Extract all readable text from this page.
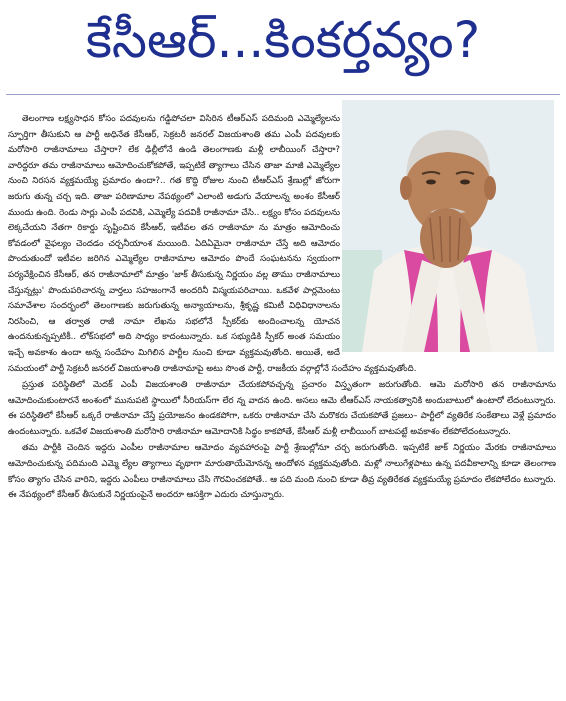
కేసీఆర్...కింకర్తవ్యం?

తెలంగాణ లక్ష్యసాధన కోసం పదవులను గడ్డిపోచలా విసిరిన టీఆర్ఎస్ పదిమంది ఎమ్మెల్యేలను స్ఫూర్తిగా తీసుకుని ఆ పార్టీ అధినేత కేసీఆర్, సెక్రటరీ జనరల్ విజయశాంతి తమ ఎంపీ పదవులకు మరోసారి రాజీనామాలు చేస్తారా? లేక ఢిల్లీలోనే ఉండి తెలంగాణకు మళ్లీ లాబీయింగ్ చేస్తారా? వారిద్దరూ తమ రాజీనామాలు ఆమోదించుకోకపోతే, ఇప్పటికే త్యాగాలు చేసిన తాజా మాజీ ఎమ్మెల్యేల నుంచి నిరసన వ్యక్తమయ్యే ప్రమాదం ఉందా?.. గత కొద్ది రోజుల నుంచి టీఆర్ఎస్ శ్రేణుల్లో జోరుగా జరుగు తున్న చర్చ ఇది. తాజా పరిణామాల నేపథ్యంలో ఎలాంటి అడుగు వేయాలన్న అంశం కేసీఆర్ ముందు ఉంది. రెండు సార్లు ఎంపీ పదవికి, ఎమ్మెల్యే పదవికీ రాజీనామా చేసి.. లక్ష్యం కోసం పదవులను లెక్కచేయని నేతగా రికార్డు సృష్టించిన కేసీఆర్, ఇటీవల తన రాజీనామా ను మాత్రం ఆమోదించు కోవడంలో వైఫల్యం చెందడం చర్చనీయాంశ మయింది. ఏదిఏమైనా రాజీనామా చేస్తే అది ఆమోదం పొందుతుందో ఇటీవల జరిగిన ఎమ్మెల్యేల రాజీనామాల ఆమోదం పొందే సంఘటనను స్వయంగా పర్యవేక్షించిన కేసీఆర్, తన రాజీనామాలో మాత్రం 'జాక్ తీసుకున్న నిర్ణయం వల్ల తాము రాజీనామాలు చేస్తున్నట్లు' పొందుపరిచారన్న వార్తలు సహజంగానే అందరినీ విస్మయపరిచాయి. ఒకవేళ పార్లమెంటు సమావేశాల సందర్భంలో తెలంగాణకు జరుగుతున్న అన్యాయాలను, శ్రీకృష్ణ కమిటీ విధివిధానాలను నిరసించి, ఆ తర్వాత రాజీ నామా లేఖను సభలోనే స్పీకర్‌కు అందించాలన్న యోచన ఉందనుకున్నప్పటికీ.. లోక్‌సభలో అది సాధ్యం కాదంటున్నారు. ఒక సభ్యుడికి స్పీకర్ అంత సమయం ఇచ్చే అవకాశం ఉందా అన్న సందేహం మిగిలిన పార్టీల నుంచి కూడా వ్యక్తమవుతోంది. అయితే, అదే సమయంలో పార్టీ సెక్రటరీ జనరల్ విజయశాంతి రాజీనామాపై అటు సొంత పార్టీ, రాజకీయ వర్గాల్లోనే సందేహం వ్యక్తమవుతోంది.

ప్రస్తుత పరిస్థితిలో మెదక్ ఎంపీ విజయశాంతి రాజీనామా చేయకపోవచ్చన్న ప్రచారం విస్తృతంగా జరుగుతోంది. ఆమె మరోసారి తన రాజీనామాను ఆమోదించుకుంటారనే అంశంలో మునుపటి స్థాయిలో సీరియస్‌గా లేర న్న వాదన ఉంది. అసలు ఆమె టీఆర్ఎస్ నాయకత్వానికి అందుబాటులో ఉంటారో లేదంటున్నారు. ఈ పరిస్థితిలో కేసీఆర్ ఒక్కరే రాజీనామా చేస్తే ప్రయోజనం ఉండకపోగా, ఒకరు రాజీనామా చేసి మరొకరు చేయకపోతే ప్రజలు– పార్టీలో వ్యతిరేక సంకేతాలు వెళ్లే ప్రమాదం ఉందంటున్నారు. ఒకవేళ విజయశాంతి మరోసారి రాజీనామా ఆమోదానికి సిద్ధం కాకపోతే, కేసీఆర్ మళ్లీ లాబీయింగ్ బాటపట్టే అవకాశం లేకపోలేదంటున్నారు.

తమ పార్టీకి చెందిన ఇద్దరు ఎంపీల రాజీనామాల ఆమోదం వ్యవహారంపై పార్టీ శ్రేణుల్లోనూ చర్చ జరుగుతోంది. ఇప్పటికే జాక్ నిర్ణయం మేరకు రాజీనామాలు ఆమోదించుకున్న పదిమంది ఎమ్మె ల్యేల త్యాగాలు వృథాగా మారుతాయేమోనన్న ఆందోళన వ్యక్తమవుతోంది. మళ్లో నాలుగేళ్లపాటు ఉన్న పదవీకాలాన్ని కూడా తెలంగాణ కోసం త్యాగం చేసిన వారిని, ఇద్దరు ఎంపీలు రాజీనామాలు చేసి గౌరవించకపోతే.. ఆ పది మంది నుంచి కూడా తీవ్ర వ్యతిరేకత వ్యక్తమయ్యే ప్రమాదం లేకపోలేదం టున్నారు. ఈ నేపథ్యంలో కేసీఆర్ తీసుకునే నిర్ణయంపైనే అందరూ ఆసక్తిగా ఎదురు చూస్తున్నారు.
